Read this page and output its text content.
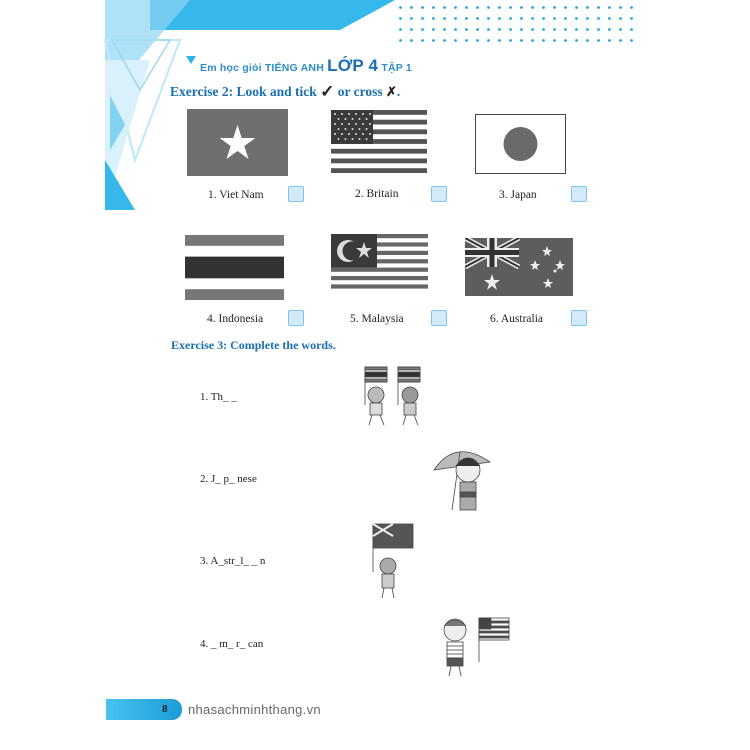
Em học giỏi TIẾNG ANH LỚP 4 TẬP 1
Exercise 2: Look and tick ✓ or cross ✗.
1. Viet Nam	2. Britain	3. Japan
4. Indonesia	5. Malaysia	6. Australia
Exercise 3: Complete the words.
1. Th_ _
2. J_ p_ nese
3. A_str_l_ _ n
4. _ m_ r_ can
8 nhasachminhthang.vn
